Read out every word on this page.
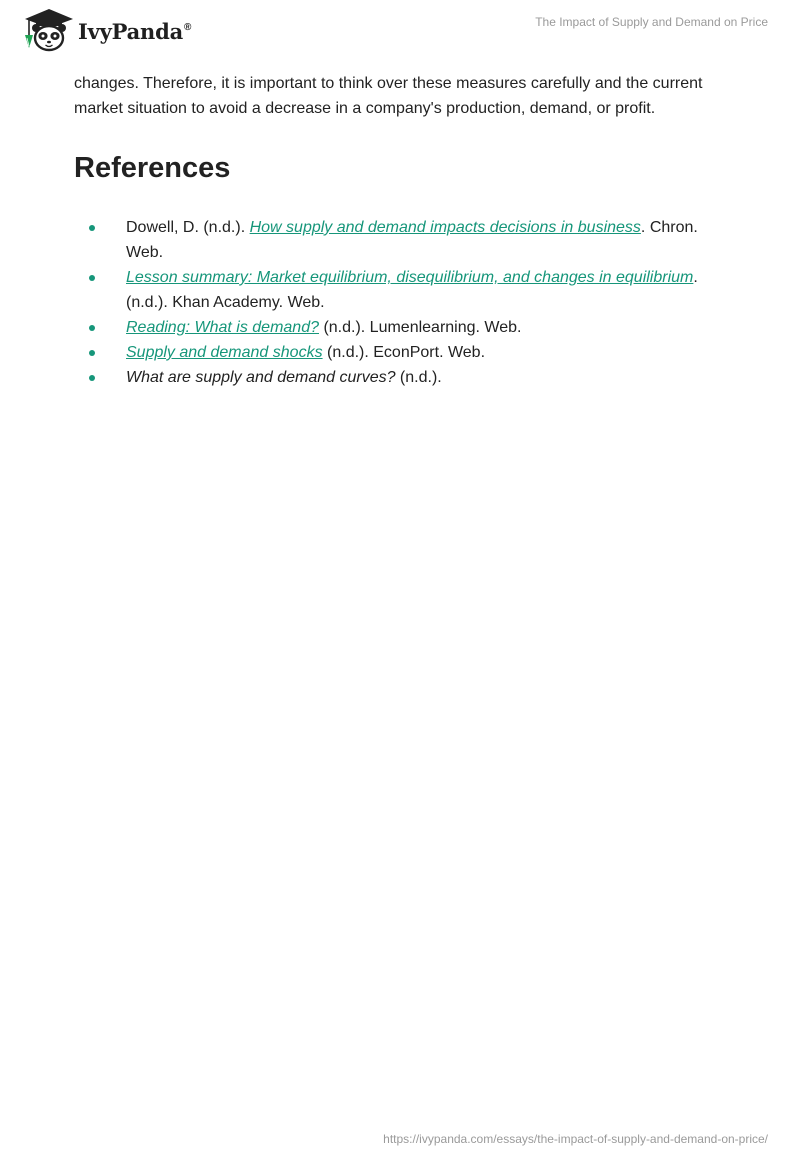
IvyPanda®	The Impact of Supply and Demand on Price

changes. Therefore, it is important to think over these measures carefully and the current market situation to avoid a decrease in a company's production, demand, or profit.

References
Dowell, D. (n.d.). How supply and demand impacts decisions in business. Chron. Web.
Lesson summary: Market equilibrium, disequilibrium, and changes in equilibrium. (n.d.). Khan Academy. Web.
Reading: What is demand? (n.d.). Lumenlearning. Web.
Supply and demand shocks (n.d.). EconPort. Web.
What are supply and demand curves? (n.d.).
https://ivypanda.com/essays/the-impact-of-supply-and-demand-on-price/
